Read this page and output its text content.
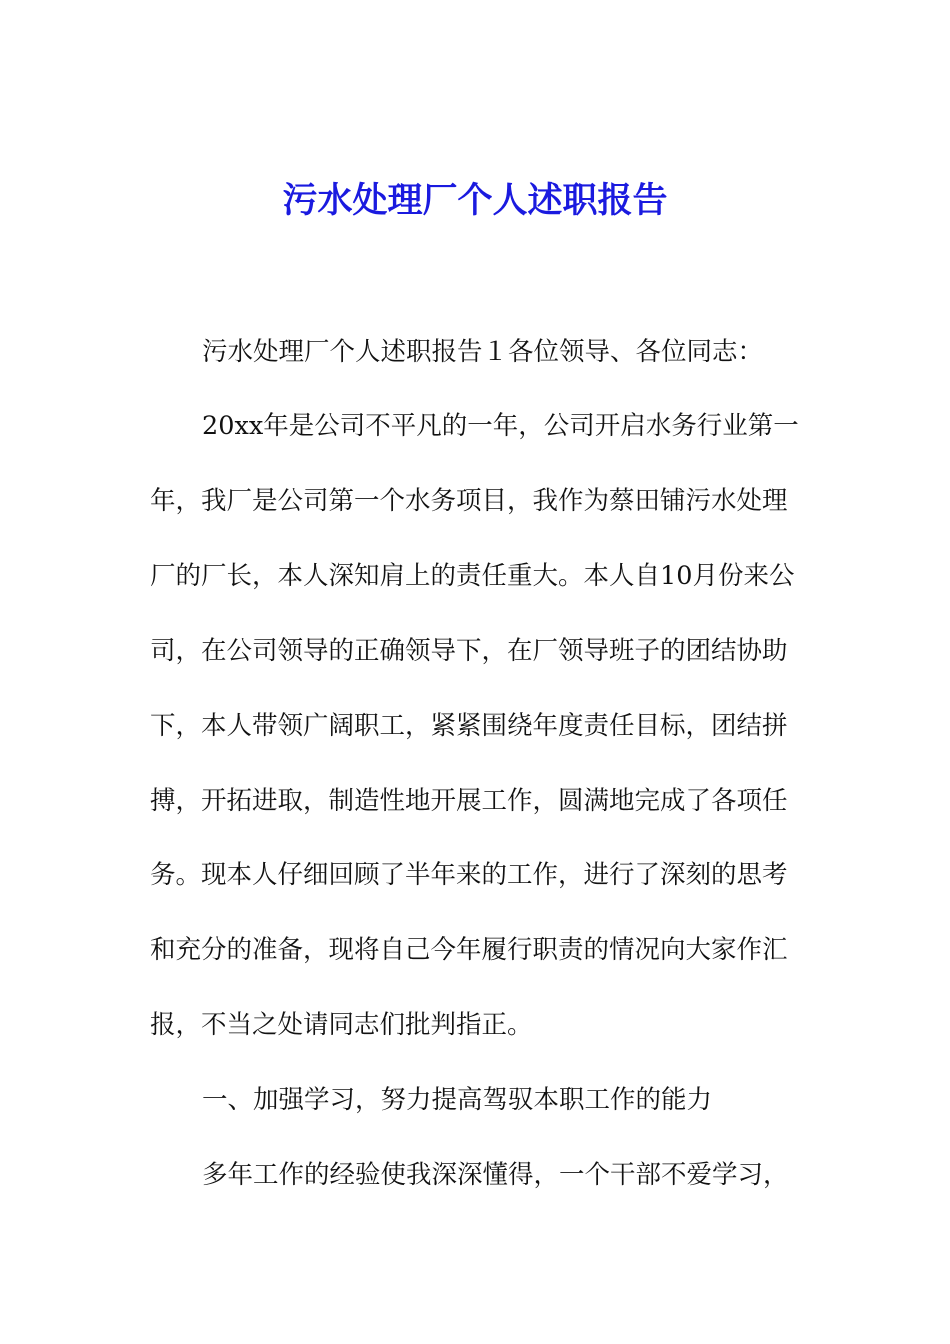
污水处理厂个人述职报告
污水处理厂个人述职报告１各位领导、各位同志：
20xx年是公司不平凡的一年，公司开启水务行业第一
年，我厂是公司第一个水务项目，我作为蔡田铺污水处理
厂的厂长，本人深知肩上的责任重大。本人自10月份来公
司，在公司领导的正确领导下，在厂领导班子的团结协助
下，本人带领广阔职工，紧紧围绕年度责任目标，团结拼
搏，开拓进取，制造性地开展工作，圆满地完成了各项任
务。现本人仔细回顾了半年来的工作，进行了深刻的思考
和充分的准备，现将自己今年履行职责的情况向大家作汇
报，不当之处请同志们批判指正。
一、加强学习，努力提高驾驭本职工作的能力
多年工作的经验使我深深懂得，一个干部不爱学习，
